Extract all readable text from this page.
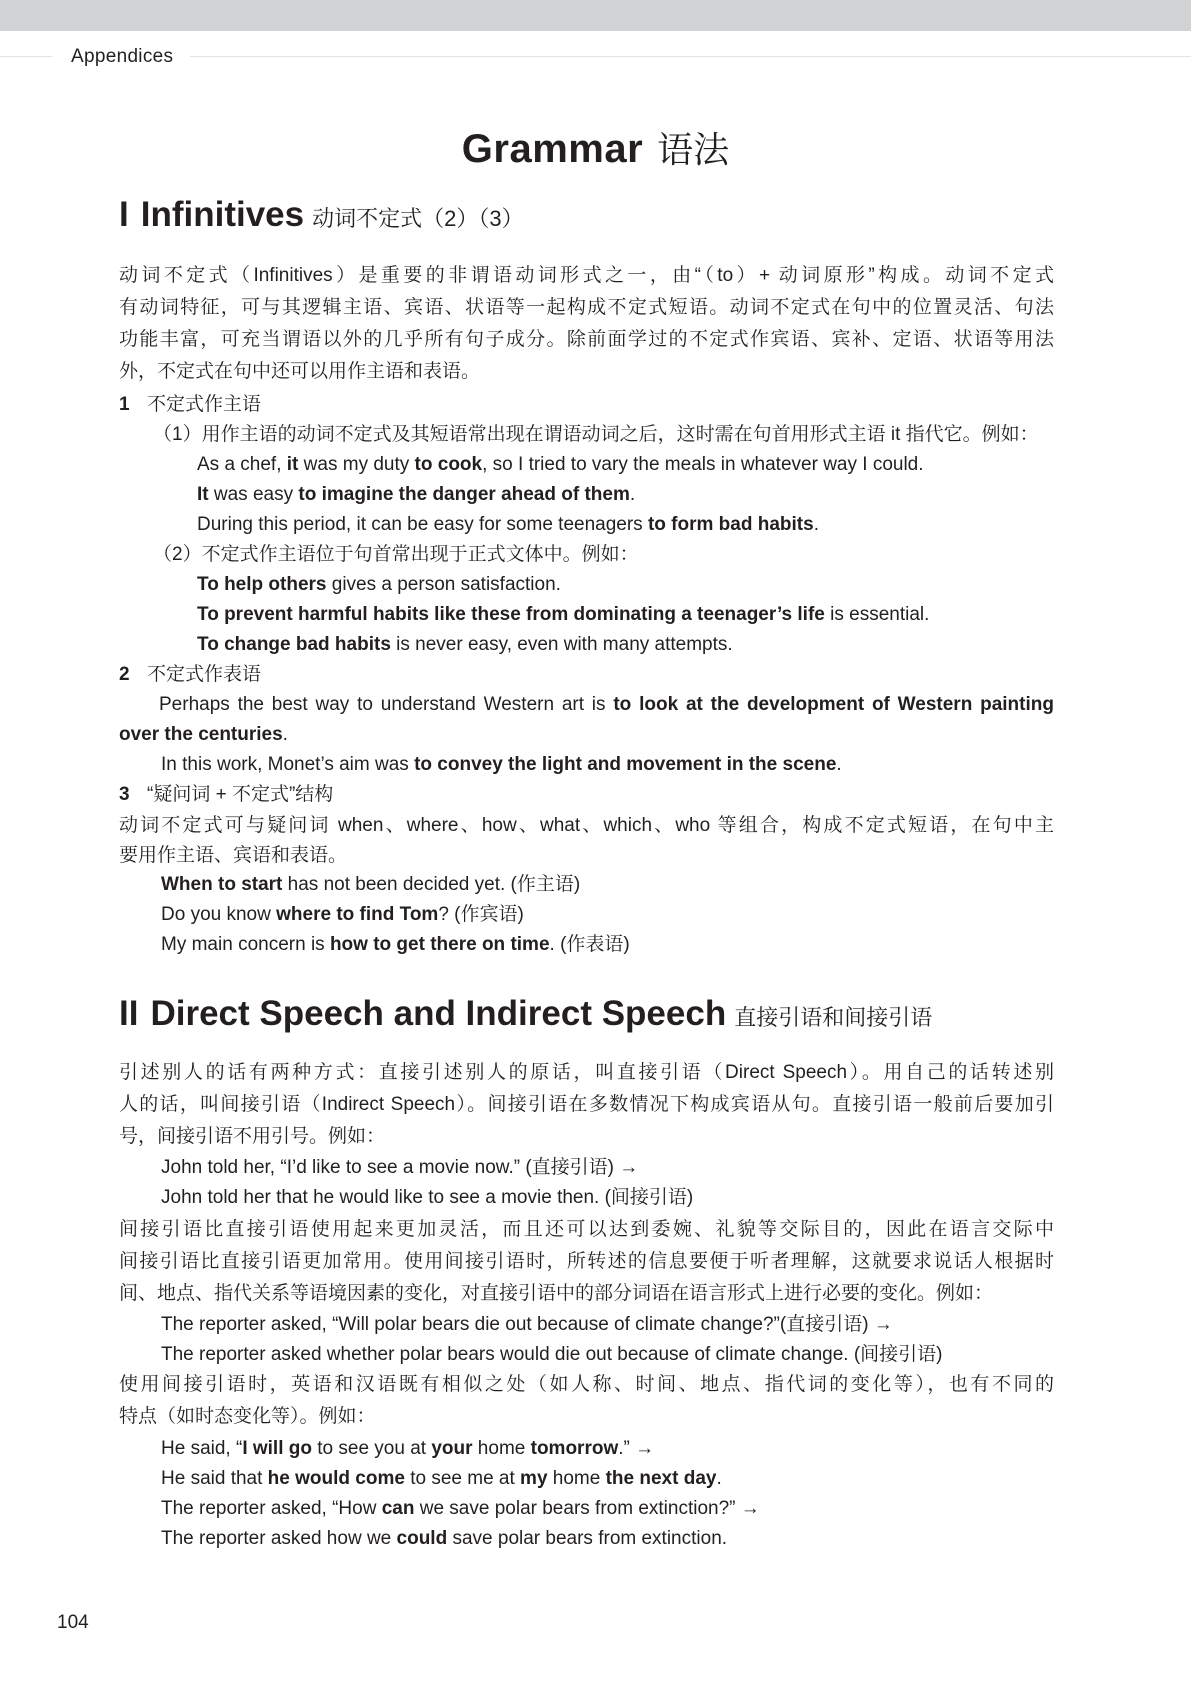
Appendices
Grammar 语法
I Infinitives 动词不定式（2）（3）
动词不定式（Infinitives）是重要的非谓语动词形式之一，由“（to）+ 动词原形”构成。动词不定式
有动词特征，可与其逻辑主语、宾语、状语等一起构成不定式短语。动词不定式在句中的位置灵活、句法
功能丰富，可充当谓语以外的几乎所有句子成分。除前面学过的不定式作宾语、宾补、定语、状语等用法
外，不定式在句中还可以用作主语和表语。
1 不定式作主语
（1）用作主语的动词不定式及其短语常出现在谓语动词之后，这时需在句首用形式主语 it 指代它。例如：
As a chef, it was my duty to cook, so I tried to vary the meals in whatever way I could.
It was easy to imagine the danger ahead of them.
During this period, it can be easy for some teenagers to form bad habits.
（2）不定式作主语位于句首常出现于正式文体中。例如：
To help others gives a person satisfaction.
To prevent harmful habits like these from dominating a teenager’s life is essential.
To change bad habits is never easy, even with many attempts.
2 不定式作表语
Perhaps the best way to understand Western art is to look at the development of Western painting
over the centuries.
In this work, Monet’s aim was to convey the light and movement in the scene.
3 “疑问词 + 不定式”结构
动词不定式可与疑问词 when、where、how、what、which、who 等组合，构成不定式短语，在句中主
要用作主语、宾语和表语。
When to start has not been decided yet. (作主语)
Do you know where to find Tom? (作宾语)
My main concern is how to get there on time. (作表语)
II Direct Speech and Indirect Speech 直接引语和间接引语
引述别人的话有两种方式：直接引述别人的原话，叫直接引语（Direct Speech）。用自己的话转述别
人的话，叫间接引语（Indirect Speech）。间接引语在多数情况下构成宾语从句。直接引语一般前后要加引
号，间接引语不用引号。例如：
John told her, “I’d like to see a movie now.” (直接引语) →
John told her that he would like to see a movie then. (间接引语)
间接引语比直接引语使用起来更加灵活，而且还可以达到委婉、礼貌等交际目的，因此在语言交际中
间接引语比直接引语更加常用。使用间接引语时，所转述的信息要便于听者理解，这就要求说话人根据时
间、地点、指代关系等语境因素的变化，对直接引语中的部分词语在语言形式上进行必要的变化。例如：
The reporter asked, “Will polar bears die out because of climate change?”(直接引语) →
The reporter asked whether polar bears would die out because of climate change. (间接引语)
使用间接引语时，英语和汉语既有相似之处（如人称、时间、地点、指代词的变化等），也有不同的
特点（如时态变化等）。例如：
He said, “I will go to see you at your home tomorrow.” →
He said that he would come to see me at my home the next day.
The reporter asked, “How can we save polar bears from extinction?” →
The reporter asked how we could save polar bears from extinction.
104
